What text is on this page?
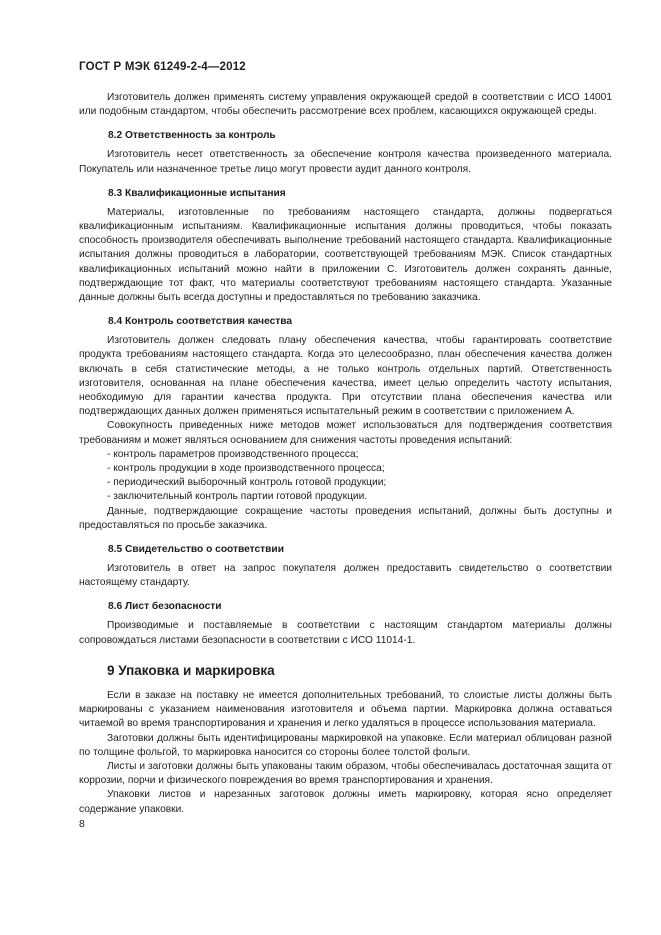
ГОСТ Р МЭК 61249-2-4—2012

Изготовитель должен применять систему управления окружающей средой в соответствии с ИСО 14001 или подобным стандартом, чтобы обеспечить рассмотрение всех проблем, касающихся окружающей среды.

8.2 Ответственность за контроль

Изготовитель несет ответственность за обеспечение контроля качества произведенного материала. Покупатель или назначенное третье лицо могут провести аудит данного контроля.

8.3 Квалификационные испытания

Материалы, изготовленные по требованиям настоящего стандарта, должны подвергаться квалификационным испытаниям. Квалификационные испытания должны проводиться, чтобы показать способность производителя обеспечивать выполнение требований настоящего стандарта. Квалификационные испытания должны проводиться в лаборатории, соответствующей требованиям МЭК. Список стандартных квалификационных испытаний можно найти в приложении С. Изготовитель должен сохранять данные, подтверждающие тот факт, что материалы соответствуют требованиям настоящего стандарта. Указанные данные должны быть всегда доступны и предоставляться по требованию заказчика.

8.4 Контроль соответствия качества

Изготовитель должен следовать плану обеспечения качества, чтобы гарантировать соответствие продукта требованиям настоящего стандарта. Когда это целесообразно, план обеспечения качества должен включать в себя статистические методы, а не только контроль отдельных партий. Ответственность изготовителя, основанная на плане обеспечения качества, имеет целью определить частоту испытания, необходимую для гарантии качества продукта. При отсутствии плана обеспечения качества или подтверждающих данных должен применяться испытательный режим в соответствии с приложением А.

Совокупность приведенных ниже методов может использоваться для подтверждения соответствия требованиям и может являться основанием для снижения частоты проведения испытаний:

- контроль параметров производственного процесса;
- контроль продукции в ходе производственного процесса;
- периодический выборочный контроль готовой продукции;
- заключительный контроль партии готовой продукции.

Данные, подтверждающие сокращение частоты проведения испытаний, должны быть доступны и предоставляться по просьбе заказчика.

8.5 Свидетельство о соответствии

Изготовитель в ответ на запрос покупателя должен предоставить свидетельство о соответствии настоящему стандарту.

8.6 Лист безопасности

Производимые и поставляемые в соответствии с настоящим стандартом материалы должны сопровождаться листами безопасности в соответствии с ИСО 11014-1.

9 Упаковка и маркировка

Если в заказе на поставку не имеется дополнительных требований, то слоистые листы должны быть маркированы с указанием наименования изготовителя и объема партии. Маркировка должна оставаться читаемой во время транспортирования и хранения и легко удаляться в процессе использования материала.

Заготовки должны быть идентифицированы маркировкой на упаковке. Если материал облицован разной по толщине фольгой, то маркировка наносится со стороны более толстой фольги.

Листы и заготовки должны быть упакованы таким образом, чтобы обеспечивалась достаточная защита от коррозии, порчи и физического повреждения во время транспортирования и хранения.

Упаковки листов и нарезанных заготовок должны иметь маркировку, которая ясно определяет содержание упаковки.

8
